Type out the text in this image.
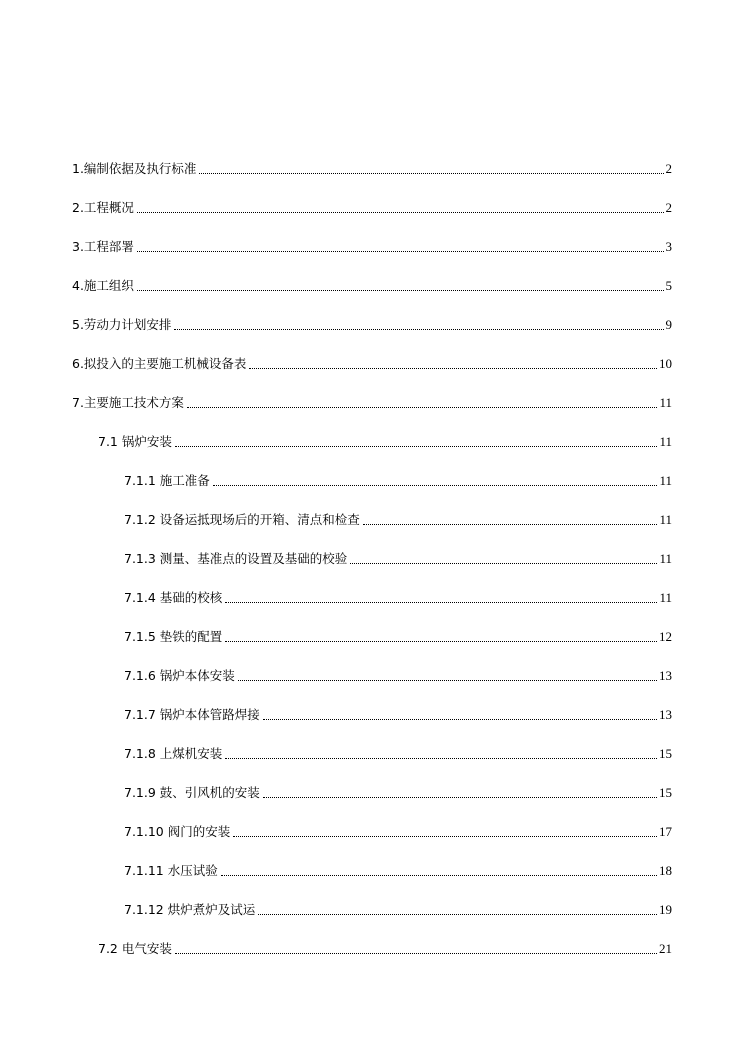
1.编制依据及执行标准	2
2.工程概况	2
3.工程部署	3
4.施工组织	5
5.劳动力计划安排	9
6.拟投入的主要施工机械设备表	10
7.主要施工技术方案	11
7.1 锅炉安装	11
7.1.1 施工准备	11
7.1.2 设备运抵现场后的开箱、清点和检查	11
7.1.3 测量、基准点的设置及基础的校验	11
7.1.4 基础的校核	11
7.1.5 垫铁的配置	12
7.1.6 锅炉本体安装	13
7.1.7 锅炉本体管路焊接	13
7.1.8 上煤机安装	15
7.1.9 鼓、引风机的安装	15
7.1.10 阀门的安装	17
7.1.11 水压试验	18
7.1.12 烘炉煮炉及试运	19
7.2 电气安装	21
